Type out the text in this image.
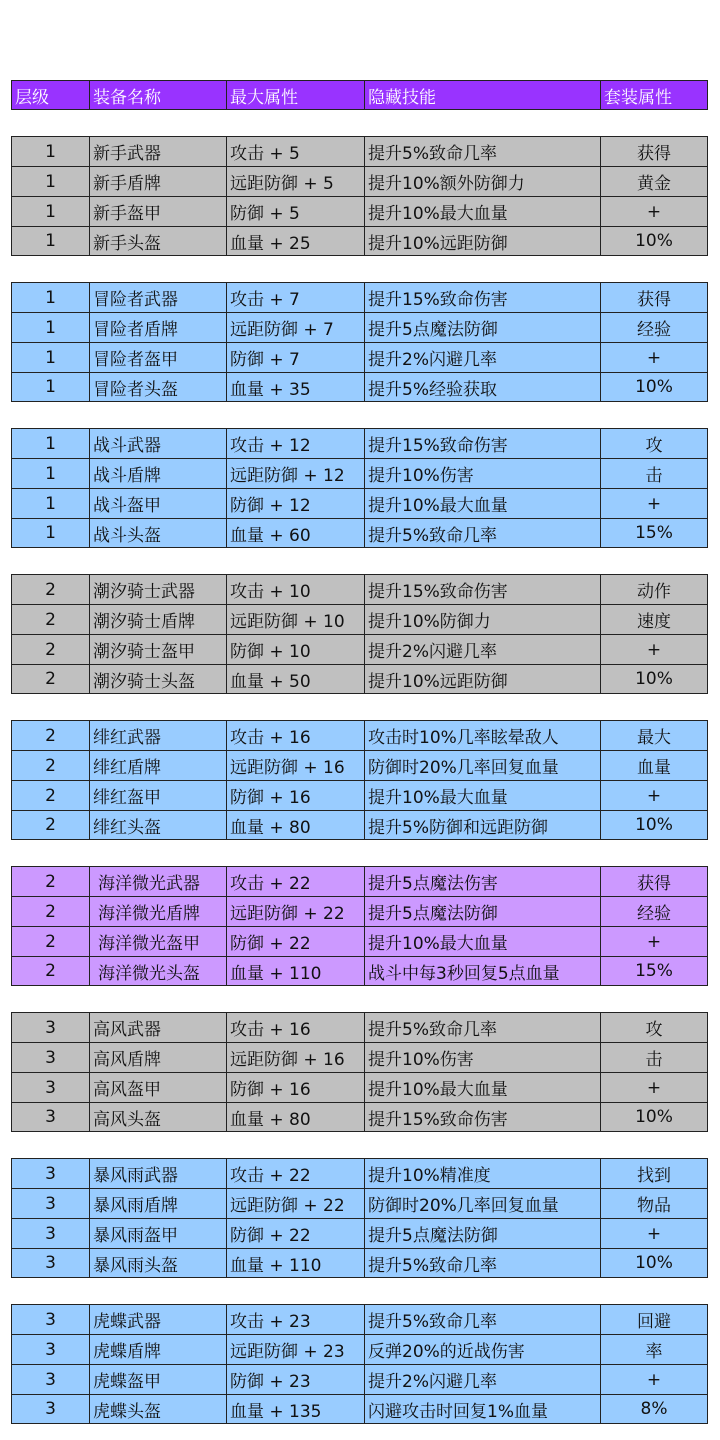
层级	装备名称	最大属性	隐藏技能	套装属性
1	新手武器	攻击 + 5	提升5%致命几率	获得
1	新手盾牌	远距防御 + 5	提升10%额外防御力	黄金
1	新手盔甲	防御 + 5	提升10%最大血量	+
1	新手头盔	血量 + 25	提升10%远距防御	10%
1	冒险者武器	攻击 + 7	提升15%致命伤害	获得
1	冒险者盾牌	远距防御 + 7	提升5点魔法防御	经验
1	冒险者盔甲	防御 + 7	提升2%闪避几率	+
1	冒险者头盔	血量 + 35	提升5%经验获取	10%
1	战斗武器	攻击 + 12	提升15%致命伤害	攻
1	战斗盾牌	远距防御 + 12	提升10%伤害	击
1	战斗盔甲	防御 + 12	提升10%最大血量	+
1	战斗头盔	血量 + 60	提升5%致命几率	15%
2	潮汐骑士武器	攻击 + 10	提升15%致命伤害	动作
2	潮汐骑士盾牌	远距防御 + 10	提升10%防御力	速度
2	潮汐骑士盔甲	防御 + 10	提升2%闪避几率	+
2	潮汐骑士头盔	血量 + 50	提升10%远距防御	10%
2	绯红武器	攻击 + 16	攻击时10%几率眩晕敌人	最大
2	绯红盾牌	远距防御 + 16	防御时20%几率回复血量	血量
2	绯红盔甲	防御 + 16	提升10%最大血量	+
2	绯红头盔	血量 + 80	提升5%防御和远距防御	10%
2	海洋微光武器	攻击 + 22	提升5点魔法伤害	获得
2	海洋微光盾牌	远距防御 + 22	提升5点魔法防御	经验
2	海洋微光盔甲	防御 + 22	提升10%最大血量	+
2	海洋微光头盔	血量 + 110	战斗中每3秒回复5点血量	15%
3	高风武器	攻击 + 16	提升5%致命几率	攻
3	高风盾牌	远距防御 + 16	提升10%伤害	击
3	高风盔甲	防御 + 16	提升10%最大血量	+
3	高风头盔	血量 + 80	提升15%致命伤害	10%
3	暴风雨武器	攻击 + 22	提升10%精准度	找到
3	暴风雨盾牌	远距防御 + 22	防御时20%几率回复血量	物品
3	暴风雨盔甲	防御 + 22	提升5点魔法防御	+
3	暴风雨头盔	血量 + 110	提升5%致命几率	10%
3	虎蝶武器	攻击 + 23	提升5%致命几率	回避
3	虎蝶盾牌	远距防御 + 23	反弹20%的近战伤害	率
3	虎蝶盔甲	防御 + 23	提升2%闪避几率	+
3	虎蝶头盔	血量 + 135	闪避攻击时回复1%血量	8%
